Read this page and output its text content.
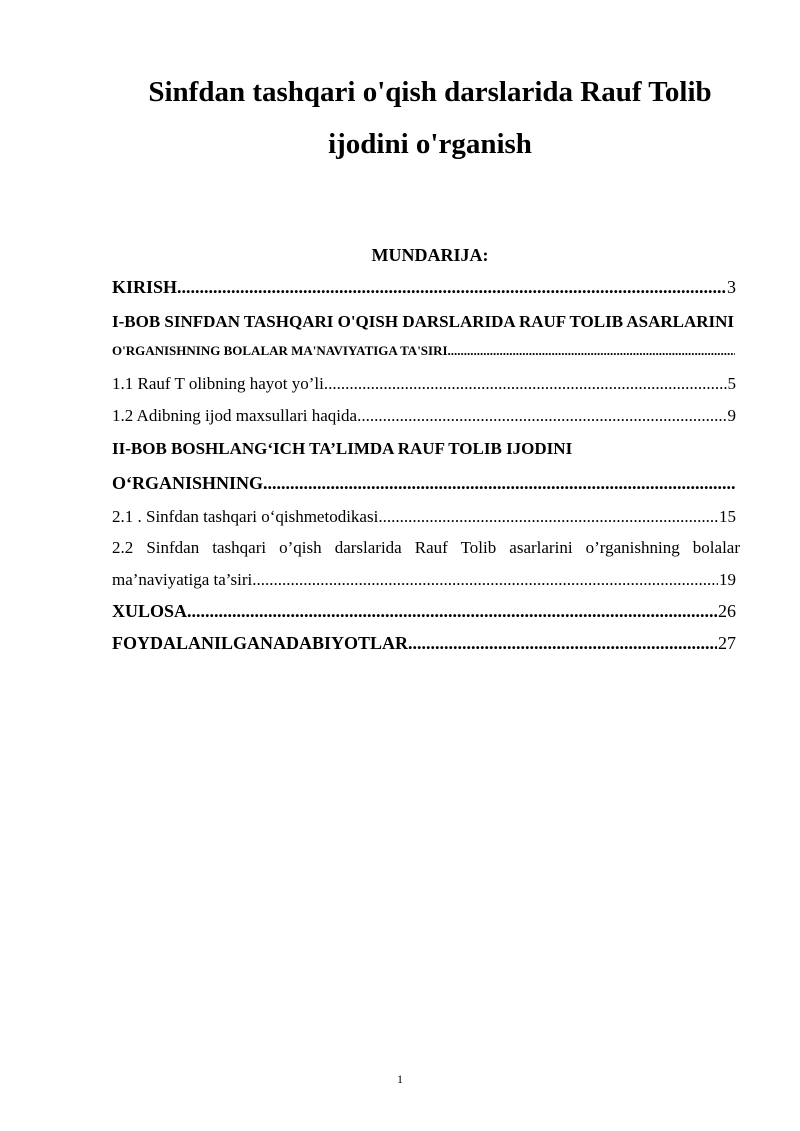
Sinfdan tashqari o'qish darslarida Rauf Tolib
ijodini o'rganish
MUNDARIJA:
KIRISH .....	3
I-BOB SINFDAN TASHQARI O'QISH DARSLARIDA RAUF TOLIB ASARLARINI
O'RGANISHNING BOLALAR MA'NAVIYATIGA TA'SIRI
.....
1.1 Rauf T olibning hayot yo’li .....	5
1.2 Adibning ijod maxsullari haqida .....	9
II-BOB BOSHLANG‘ICH TA’LIMDA RAUF TOLIB IJODINI
O‘RGANISHNING
.....
2.1 . Sinfdan tashqari o‘qishmetodikasi .....	15
2.2 Sinfdan tashqari o’qish darslarida Rauf Tolib asarlarini o’rganishning bolalar
ma’naviyatiga ta’siri .....	19
XULOSA .....	26
FOYDALANILGANADABIYOTLAR .....	27
1
